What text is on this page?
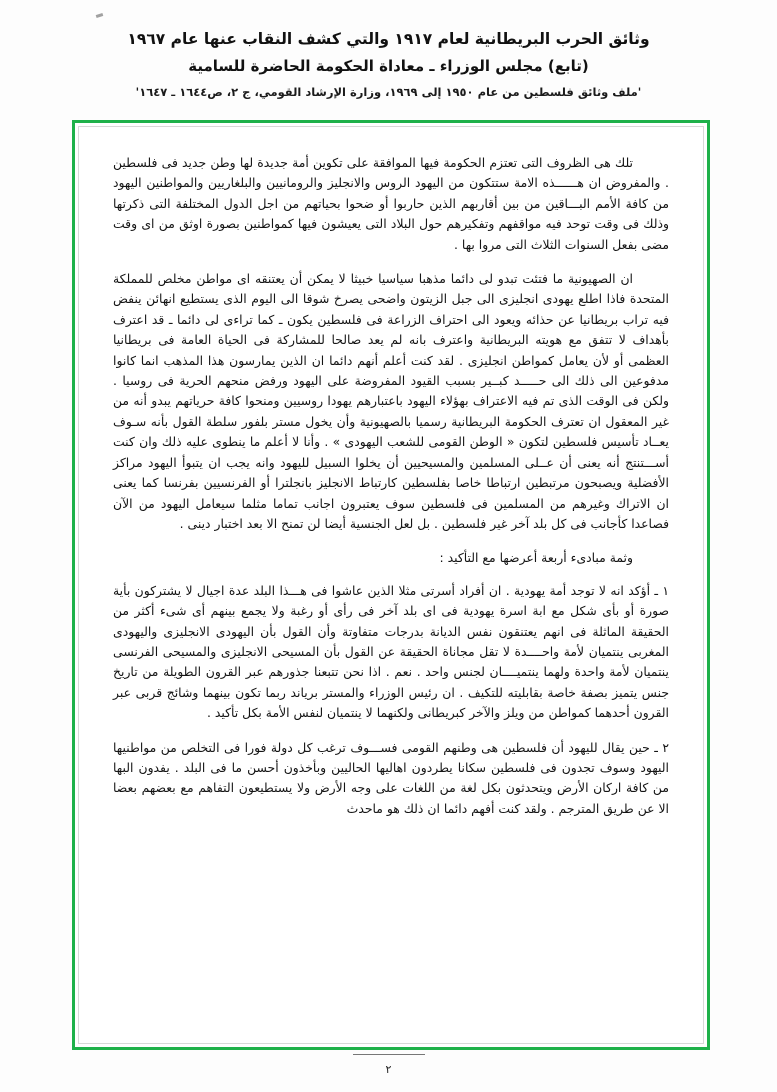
وثائق الحرب البريطانية لعام ١٩١٧ والتي كشف النقاب عنها عام ١٩٦٧
(تابع) مجلس الوزراء ـ معاداة الحكومة الحاضرة للسامية
'ملف وثائق فلسطين من عام ١٩٥٠ إلى ١٩٦٩، وزارة الإرشاد القومي، ج ٢، ص١٦٤٤ ـ ١٦٤٧'

تلك هى الظروف التى تعتزم الحكومة فيها الموافقة على تكوين أمة جديدة لها وطن جديد فى فلسطين . والمفروض ان هــــــذه الامة ستتكون من اليهود الروس والانجليز والرومانيين والبلغاريين والمواطنين اليهود من كافة الأمم البـــاقين من بين أقاربهم الذين حاربوا أو ضحوا بحياتهم من اجل الدول المختلفة التى ذكرتها وذلك فى وقت توحد فيه مواقفهم وتفكيرهم حول البلاد التى يعيشون فيها كمواطنين بصورة اوثق من اى وقت مضى بفعل السنوات الثلاث التى مروا بها .

ان الصهيونية ما فتئت تبدو لى دائما مذهبا سياسيا خبيثا لا يمكن أن يعتنقه اى مواطن مخلص للمملكة المتحدة فاذا اطلع يهودى انجليزى الى جبل الزيتون واضحى يصرخ شوقا الى اليوم الذى يستطيع انهائن ينفض فيه تراب بريطانيا عن حذائه ويعود الى احتراف الزراعة فى فلسطين يكون ـ كما تراءى لى دائما ـ قد اعترف بأهداف لا تتفق مع هويته البريطانية واعترف بانه لم يعد صالحا للمشاركة فى الحياة العامة فى بريطانيا العظمى أو لأن يعامل كمواطن انجليزى . لقد كنت أعلم أنهم دائما ان الذين يمارسون هذا المذهب انما كانوا مدفوعين الى ذلك الى حـــــد كبــير بسبب القيود المفروضة على اليهود ورفض منحهم الحرية فى روسيا . ولكن فى الوقت الذى تم فيه الاعتراف بهؤلاء اليهود باعتبارهم يهودا روسيين ومنحوا كافة حرياتهم يبدو أنه من غير المعقول ان تعترف الحكومة البريطانية رسميا بالصهيونية وأن يخول مستر بلفور سلطة القول بأنه سـوف يعــاد تأسيس فلسطين لتكون « الوطن القومى للشعب اليهودى » . وأنا لا أعلم ما ينطوى عليه ذلك وان كنت أســـتنتج أنه يعنى أن عــلى المسلمين والمسيحيين أن يخلوا السبيل لليهود وانه يجب ان يتبوأ اليهود مراكز الأفضلية ويصبحون مرتبطين ارتباطا خاصا بفلسطين كارتباط الانجليز بانجلترا أو الفرنسيين بفرنسا كما يعنى ان الاتراك وغيرهم من المسلمين فى فلسطين سوف يعتبرون اجانب تماما مثلما سيعامل اليهود من الآن فصاعدا كأجانب فى كل بلد آخر غير فلسطين . بل لعل الجنسية أيضا لن تمنح الا بعد اختبار دينى .

وثمة مبادىء أربعة أعرضها مع التأكيد :

١ ـ أؤكد انه لا توجد أمة يهودية . ان أفراد أسرتى مثلا الذين عاشوا فى هـــذا البلد عدة اجيال لا يشتركون بأية صورة أو بأى شكل مع ابة اسرة يهودية فى اى بلد آخر فى رأى أو رغبة ولا يجمع بينهم أى شىء أكثر من الحقيقة الماثلة فى انهم يعتنقون نفس الديانة بدرجات متفاوتة وأن القول بأن اليهودى الانجليزى واليهودى المغربى ينتميان لأمة واحــــدة لا تقل مجاناة الحقيقة عن القول بأن المسيحى الانجليزى والمسيحى الفرنسى ينتميان لأمة واحدة ولهما ينتميــــان لجنس واحد . نعم . اذا نحن تتبعنا جذورهم عبر القرون الطويلة من تاريخ جنس يتميز بصفة خاصة بقابليته للتكيف . ان رئيس الوزراء والمستر برياند ربما تكون بينهما وشائج قربى عبر القرون أحدهما كمواطن من ويلز والآخر كبريطانى ولكنهما لا ينتميان لنفس الأمة بكل تأكيد .

٢ ـ حين يقال لليهود أن فلسطين هى وطنهم القومى فســـوف ترغب كل دولة فورا فى التخلص من مواطنيها اليهود وسوف تجدون فى فلسطين سكانا يطردون اهاليها الحاليين وبأخذون أحسن ما فى البلد . يفدون البها من كافة اركان الأرض ويتحدثون بكل لغة من اللغات على وجه الأرض ولا يستطيعون التفاهم مع بعضهم بعضا الا عن طريق المترجم . ولقد كنت أفهم دائما ان ذلك هو ماحدث

٢
